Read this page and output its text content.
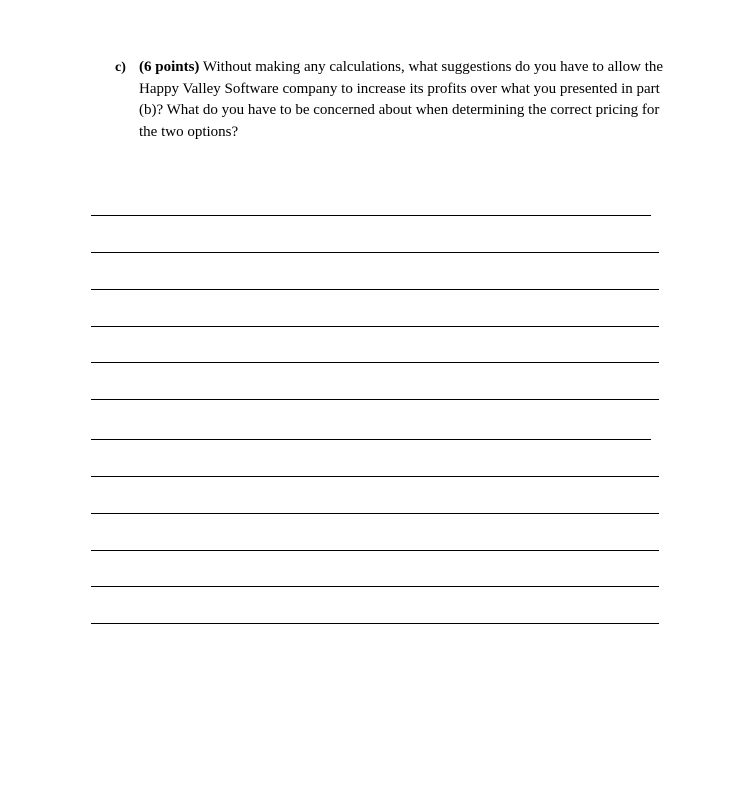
c) (6 points) Without making any calculations, what suggestions do you have to allow the Happy Valley Software company to increase its profits over what you presented in part (b)? What do you have to be concerned about when determining the correct pricing for the two options?
